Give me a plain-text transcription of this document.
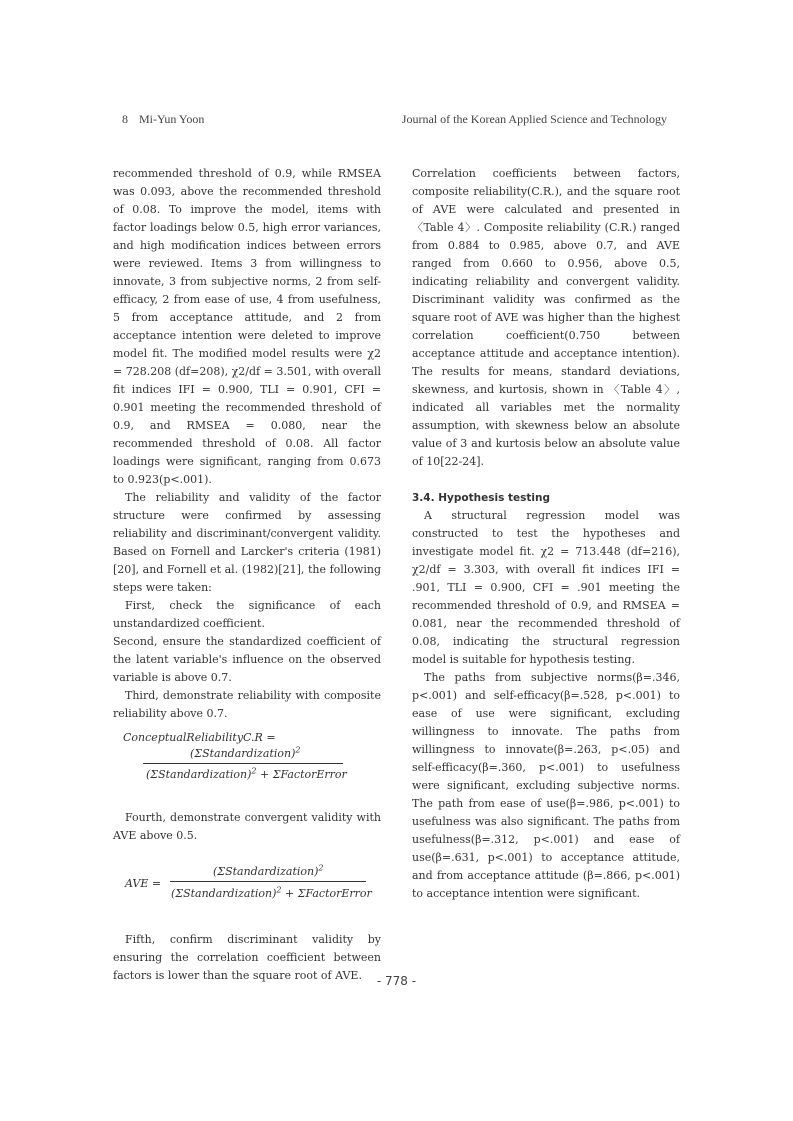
8 Mi-Yun Yoon	Journal of the Korean Applied Science and Technology

recommended threshold of 0.9, while RMSEA was 0.093, above the recommended threshold of 0.08. To improve the model, items with factor loadings below 0.5, high error variances, and high modification indices between errors were reviewed. Items 3 from willingness to innovate, 3 from subjective norms, 2 from self-efficacy, 2 from ease of use, 4 from usefulness, 5 from acceptance attitude, and 2 from acceptance intention were deleted to improve model fit. The modified model results were χ2 = 728.208 (df=208), χ2/df = 3.501, with overall fit indices IFI = 0.900, TLI = 0.901, CFI = 0.901 meeting the recommended threshold of 0.9, and RMSEA = 0.080, near the recommended threshold of 0.08. All factor loadings were significant, ranging from 0.673 to 0.923(p<.001).

The reliability and validity of the factor structure were confirmed by assessing reliability and discriminant/convergent validity. Based on Fornell and Larcker's criteria (1981)[20], and Fornell et al. (1982)[21], the following steps were taken:

First, check the significance of each unstandardized coefficient.

Second, ensure the standardized coefficient of the latent variable's influence on the observed variable is above 0.7.

Third, demonstrate reliability with composite reliability above 0.7.

ConceptualReliabilityC.R =
(ΣStandardization)$^2$
(ΣStandardization)$^2$ + ΣFactorError

Fourth, demonstrate convergent validity with AVE above 0.5.

AVE =
(ΣStandardization)$^2$
(ΣStandardization)$^2$ + ΣFactorError

Fifth, confirm discriminant validity by ensuring the correlation coefficient between factors is lower than the square root of AVE.

Correlation coefficients between factors, composite reliability(C.R.), and the square root of AVE were calculated and presented in 〈Table 4〉. Composite reliability (C.R.) ranged from 0.884 to 0.985, above 0.7, and AVE ranged from 0.660 to 0.956, above 0.5, indicating reliability and convergent validity. Discriminant validity was confirmed as the square root of AVE was higher than the highest correlation coefficient(0.750 between acceptance attitude and acceptance intention). The results for means, standard deviations, skewness, and kurtosis, shown in 〈Table 4〉, indicated all variables met the normality assumption, with skewness below an absolute value of 3 and kurtosis below an absolute value of 10[22-24].

3.4. Hypothesis testing

A structural regression model was constructed to test the hypotheses and investigate model fit. χ2 = 713.448 (df=216), χ2/df = 3.303, with overall fit indices IFI = .901, TLI = 0.900, CFI = .901 meeting the recommended threshold of 0.9, and RMSEA = 0.081, near the recommended threshold of 0.08, indicating the structural regression model is suitable for hypothesis testing.

The paths from subjective norms(β=.346, p<.001) and self-efficacy(β=.528, p<.001) to ease of use were significant, excluding willingness to innovate. The paths from willingness to innovate(β=.263, p<.05) and self-efficacy(β=.360, p<.001) to usefulness were significant, excluding subjective norms. The path from ease of use(β=.986, p<.001) to usefulness was also significant. The paths from usefulness(β=.312, p<.001) and ease of use(β=.631, p<.001) to acceptance attitude, and from acceptance attitude (β=.866, p<.001) to acceptance intention were significant.

- 778 -
